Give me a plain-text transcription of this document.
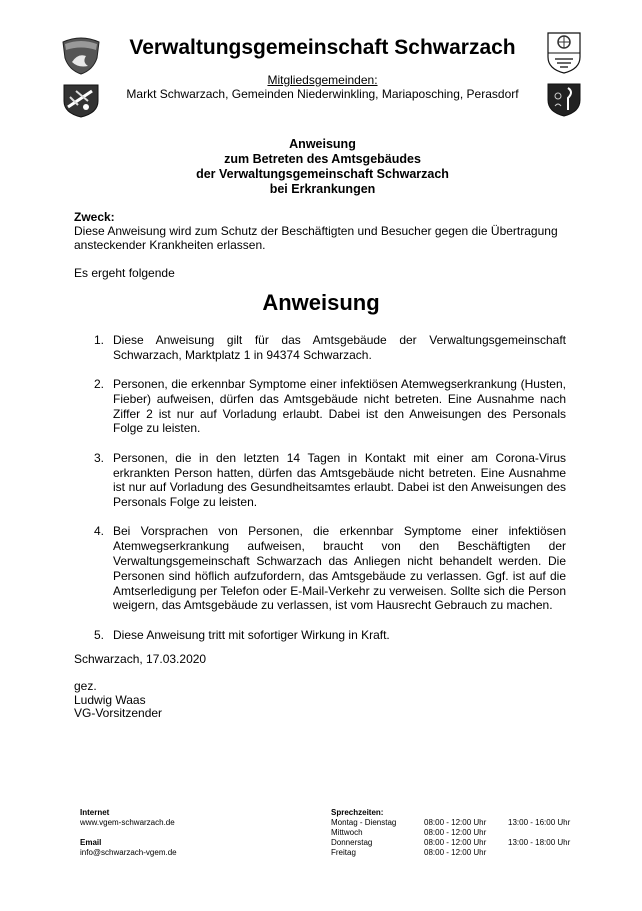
Verwaltungsgemeinschaft Schwarzach
Mitgliedsgemeinden:
Markt Schwarzach, Gemeinden Niederwinkling, Mariaposching, Perasdorf
Anweisung
zum Betreten des Amtsgebäudes
der Verwaltungsgemeinschaft Schwarzach
bei Erkrankungen
Zweck:
Diese Anweisung wird zum Schutz der Beschäftigten und Besucher gegen die Übertragung ansteckender Krankheiten erlassen.
Es ergeht folgende
Anweisung
1. Diese Anweisung gilt für das Amtsgebäude der Verwaltungsgemeinschaft Schwarzach, Marktplatz 1 in 94374 Schwarzach.
2. Personen, die erkennbar Symptome einer infektiösen Atemwegserkrankung (Husten, Fieber) aufweisen, dürfen das Amtsgebäude nicht betreten. Eine Ausnahme nach Ziffer 2 ist nur auf Vorladung erlaubt. Dabei ist den Anweisungen des Personals Folge zu leisten.
3. Personen, die in den letzten 14 Tagen in Kontakt mit einer am Corona-Virus erkrankten Person hatten, dürfen das Amtsgebäude nicht betreten. Eine Ausnahme ist nur auf Vorladung des Gesundheitsamtes erlaubt. Dabei ist den Anweisungen des Personals Folge zu leisten.
4. Bei Vorsprachen von Personen, die erkennbar Symptome einer infektiösen Atemwegserkrankung aufweisen, braucht von den Beschäftigten der Verwaltungsgemeinschaft Schwarzach das Anliegen nicht behandelt werden. Die Personen sind höflich aufzufordern, das Amtsgebäude zu verlassen. Ggf. ist auf die Amtserledigung per Telefon oder E-Mail-Verkehr zu verweisen. Sollte sich die Person weigern, das Amtsgebäude zu verlassen, ist vom Hausrecht Gebrauch zu machen.
5. Diese Anweisung tritt mit sofortiger Wirkung in Kraft.
Schwarzach, 17.03.2020
gez.
Ludwig Waas
VG-Vorsitzender
Internet
www.vgem-schwarzach.de
Email
info@schwarzach-vgem.de
Sprechzeiten:
Montag - Dienstag	08:00 - 12:00 Uhr	13:00 - 16:00 Uhr
Mittwoch	08:00 - 12:00 Uhr
Donnerstag	08:00 - 12:00 Uhr	13:00 - 18:00 Uhr
Freitag	08:00 - 12:00 Uhr
